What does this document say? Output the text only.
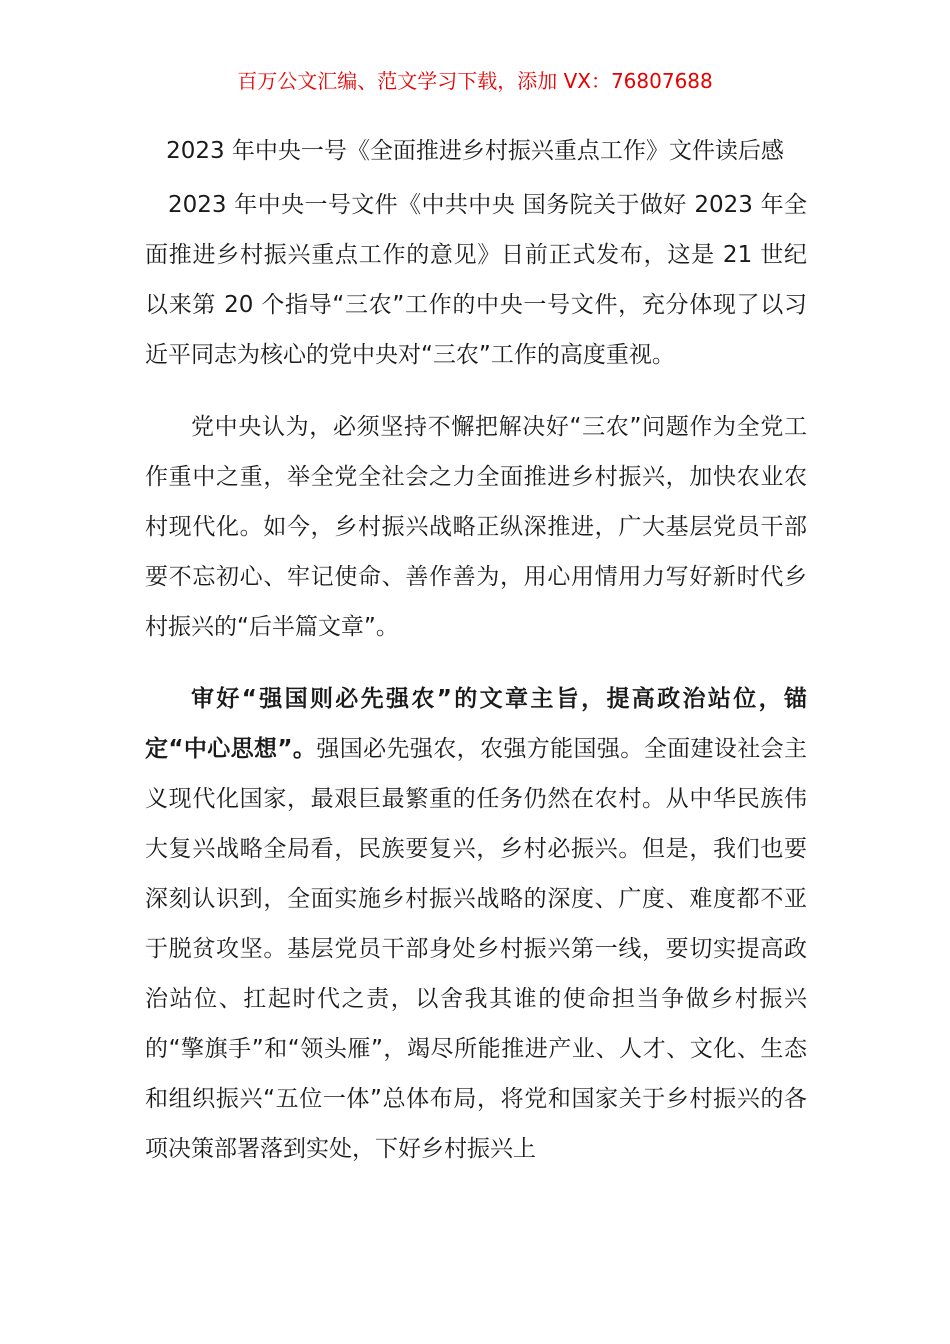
百万公文汇编、范文学习下载，添加 VX：76807688
2023 年中央一号《全面推进乡村振兴重点工作》文件读后感

2023 年中央一号文件《中共中央 国务院关于做好 2023 年全面推进乡村振兴重点工作的意见》日前正式发布，这是 21 世纪以来第 20 个指导“三农”工作的中央一号文件，充分体现了以习近平同志为核心的党中央对“三农”工作的高度重视。

党中央认为，必须坚持不懈把解决好“三农”问题作为全党工作重中之重，举全党全社会之力全面推进乡村振兴，加快农业农村现代化。如今，乡村振兴战略正纵深推进，广大基层党员干部要不忘初心、牢记使命、善作善为，用心用情用力写好新时代乡村振兴的“后半篇文章”。

审好“强国则必先强农”的文章主旨，提高政治站位，锚定“中心思想”。强国必先强农，农强方能国强。全面建设社会主义现代化国家，最艰巨最繁重的任务仍然在农村。从中华民族伟大复兴战略全局看，民族要复兴，乡村必振兴。但是，我们也要深刻认识到，全面实施乡村振兴战略的深度、广度、难度都不亚于脱贫攻坚。基层党员干部身处乡村振兴第一线，要切实提高政治站位、扛起时代之责，以舍我其谁的使命担当争做乡村振兴的“擎旗手”和“领头雁”，竭尽所能推进产业、人才、文化、生态和组织振兴“五位一体”总体布局，将党和国家关于乡村振兴的各项决策部署落到实处，下好乡村振兴上
